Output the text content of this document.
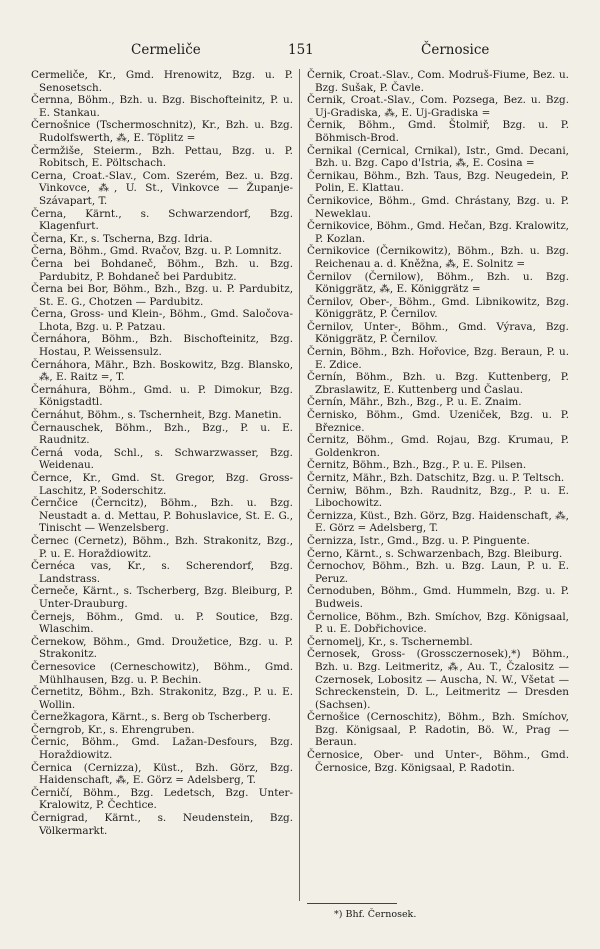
Cermeliče	151	Černosice

Cermeliče, Kr., Gmd. Hrenowitz, Bzg. u. P. Senosetsch.

Černna, Böhm., Bzh. u. Bzg. Bischofteinitz, P. u. E. Stankau.

Černošnice (Tschermoschnitz), Kr., Bzh. u. Bzg. Rudolfswerth, ⁂, E. Töplitz =

Čermžiše, Steierm., Bzh. Pettau, Bzg. u. P. Robitsch, E. Pöltschach.

Cerna, Croat.-Slav., Com. Szerém, Bez. u. Bzg. Vinkovce, ⁂, U. St., Vinkovce — Županje-Szávapart, T.

Černa, Kärnt., s. Schwarzendorf, Bzg. Klagenfurt.

Černa, Kr., s. Tscherna, Bzg. Idria.

Černa, Böhm., Gmd. Rvačov, Bzg. u. P. Lomnitz.

Černa bei Bohdaneč, Böhm., Bzh. u. Bzg. Pardubitz, P. Bohdaneč bei Pardubitz.

Černa bei Bor, Böhm., Bzh., Bzg. u. P. Pardubitz, St. E. G., Chotzen — Pardubitz.

Černa, Gross- und Klein-, Böhm., Gmd. Saločova-Lhota, Bzg. u. P. Patzau.

Černáhora, Böhm., Bzh. Bischofteinitz, Bzg. Hostau, P. Weissensulz.

Černáhora, Mähr., Bzh. Boskowitz, Bzg. Blansko, ⁂, E. Raitz =, T.

Černáhura, Böhm., Gmd. u. P. Dimokur, Bzg. Königstadtl.

Černáhut, Böhm., s. Tschernheit, Bzg. Manetin.

Černauschek, Böhm., Bzh., Bzg., P. u. E. Raudnitz.

Černá voda, Schl., s. Schwarzwasser, Bzg. Weidenau.

Černce, Kr., Gmd. St. Gregor, Bzg. Gross-Laschitz, P. Soderschitz.

Černčice (Černcitz), Böhm., Bzh. u. Bzg. Neustadt a. d. Mettau, P. Bohuslavice, St. E. G., Tinischt — Wenzelsberg.

Černec (Cernetz), Böhm., Bzh. Strakonitz, Bzg., P. u. E. Horaždiowitz.

Černéca vas, Kr., s. Scherendorf, Bzg. Landstrass.

Černeče, Kärnt., s. Tscherberg, Bzg. Bleiburg, P. Unter-Drauburg.

Černejs, Böhm., Gmd. u. P. Soutice, Bzg. Wlaschim.

Černekow, Böhm., Gmd. Droužetice, Bzg. u. P. Strakonitz.

Černesovice (Cerneschowitz), Böhm., Gmd. Mühlhausen, Bzg. u. P. Bechin.

Černetitz, Böhm., Bzh. Strakonitz, Bzg., P. u. E. Wollin.

Černežkagora, Kärnt., s. Berg ob Tscherberg.

Černgrob, Kr., s. Ehrengruben.

Černic, Böhm., Gmd. Lažan-Desfours, Bzg. Horaždiowitz.

Černica (Cernizza), Küst., Bzh. Görz, Bzg. Haidenschaft, ⁂, E. Görz = Adelsberg, T.

Černičí, Böhm., Bzg. Ledetsch, Bzg. Unter-Kralowitz, P. Čechtice.

Černigrad, Kärnt., s. Neudenstein, Bzg. Völkermarkt.

Černik, Croat.-Slav., Com. Modruš-Fiume, Bez. u. Bzg. Sušak, P. Čavle.

Černik, Croat.-Slav., Com. Pozsega, Bez. u. Bzg. Uj-Gradiska, ⁂, E. Uj-Gradiska =

Černik, Böhm., Gmd. Štolmiř, Bzg. u. P. Böhmisch-Brod.

Černikal (Cernical, Crnikal), Istr., Gmd. Decani, Bzh. u. Bzg. Capo d'Istria, ⁂, E. Cosina =

Černikau, Böhm., Bzh. Taus, Bzg. Neugedein, P. Polin, E. Klattau.

Černikovice, Böhm., Gmd. Chrástany, Bzg. u. P. Neweklau.

Černikovice, Böhm., Gmd. Hečan, Bzg. Kralowitz, P. Kozlan.

Černikovice (Černikowitz), Böhm., Bzh. u. Bzg. Reichenau a. d. Kněžna, ⁂, E. Solnitz =

Černilov (Černilow), Böhm., Bzh. u. Bzg. Königgrätz, ⁂, E. Königgrätz =

Černilov, Ober-, Böhm., Gmd. Libnikowitz, Bzg. Königgrätz, P. Černilov.

Černilov, Unter-, Böhm., Gmd. Výrava, Bzg. Königgrätz, P. Černilov.

Černin, Böhm., Bzh. Hořovice, Bzg. Beraun, P. u. E. Zdice.

Černín, Böhm., Bzh. u. Bzg. Kuttenberg, P. Zbraslawitz, E. Kuttenberg und Časlau.

Černín, Mähr., Bzh., Bzg., P. u. E. Znaim.

Černisko, Böhm., Gmd. Uzeniček, Bzg. u. P. Březnice.

Černitz, Böhm., Gmd. Rojau, Bzg. Krumau, P. Goldenkron.

Černitz, Böhm., Bzh., Bzg., P. u. E. Pilsen.

Černitz, Mähr., Bzh. Datschitz, Bzg. u. P. Teltsch.

Černiw, Böhm., Bzh. Raudnitz, Bzg., P. u. E. Libochowitz.

Černizza, Küst., Bzh. Görz, Bzg. Haidenschaft, ⁂, E. Görz = Adelsberg, T.

Černizza, Istr., Gmd., Bzg. u. P. Pinguente.

Černo, Kärnt., s. Schwarzenbach, Bzg. Bleiburg.

Černochov, Böhm., Bzh. u. Bzg. Laun, P. u. E. Peruz.

Černoduben, Böhm., Gmd. Hummeln, Bzg. u. P. Budweis.

Černolice, Böhm., Bzh. Smíchov, Bzg. Königsaal, P. u. E. Dobřichovice.

Černomelj, Kr., s. Tschernembl.

Černosek, Gross- (Grossczernosek),*) Böhm., Bzh. u. Bzg. Leitmeritz, ⁂, Au. T., Čzalositz — Czernosek, Lobositz — Auscha, N. W., Všetat — Schreckenstein, D. L., Leitmeritz — Dresden (Sachsen).

Černošice (Cernoschitz), Böhm., Bzh. Smíchov, Bzg. Königsaal, P. Radotin, Bö. W., Prag — Beraun.

Černosice, Ober- und Unter-, Böhm., Gmd. Černosice, Bzg. Königsaal, P. Radotin.

*) Bhf. Černosek.
